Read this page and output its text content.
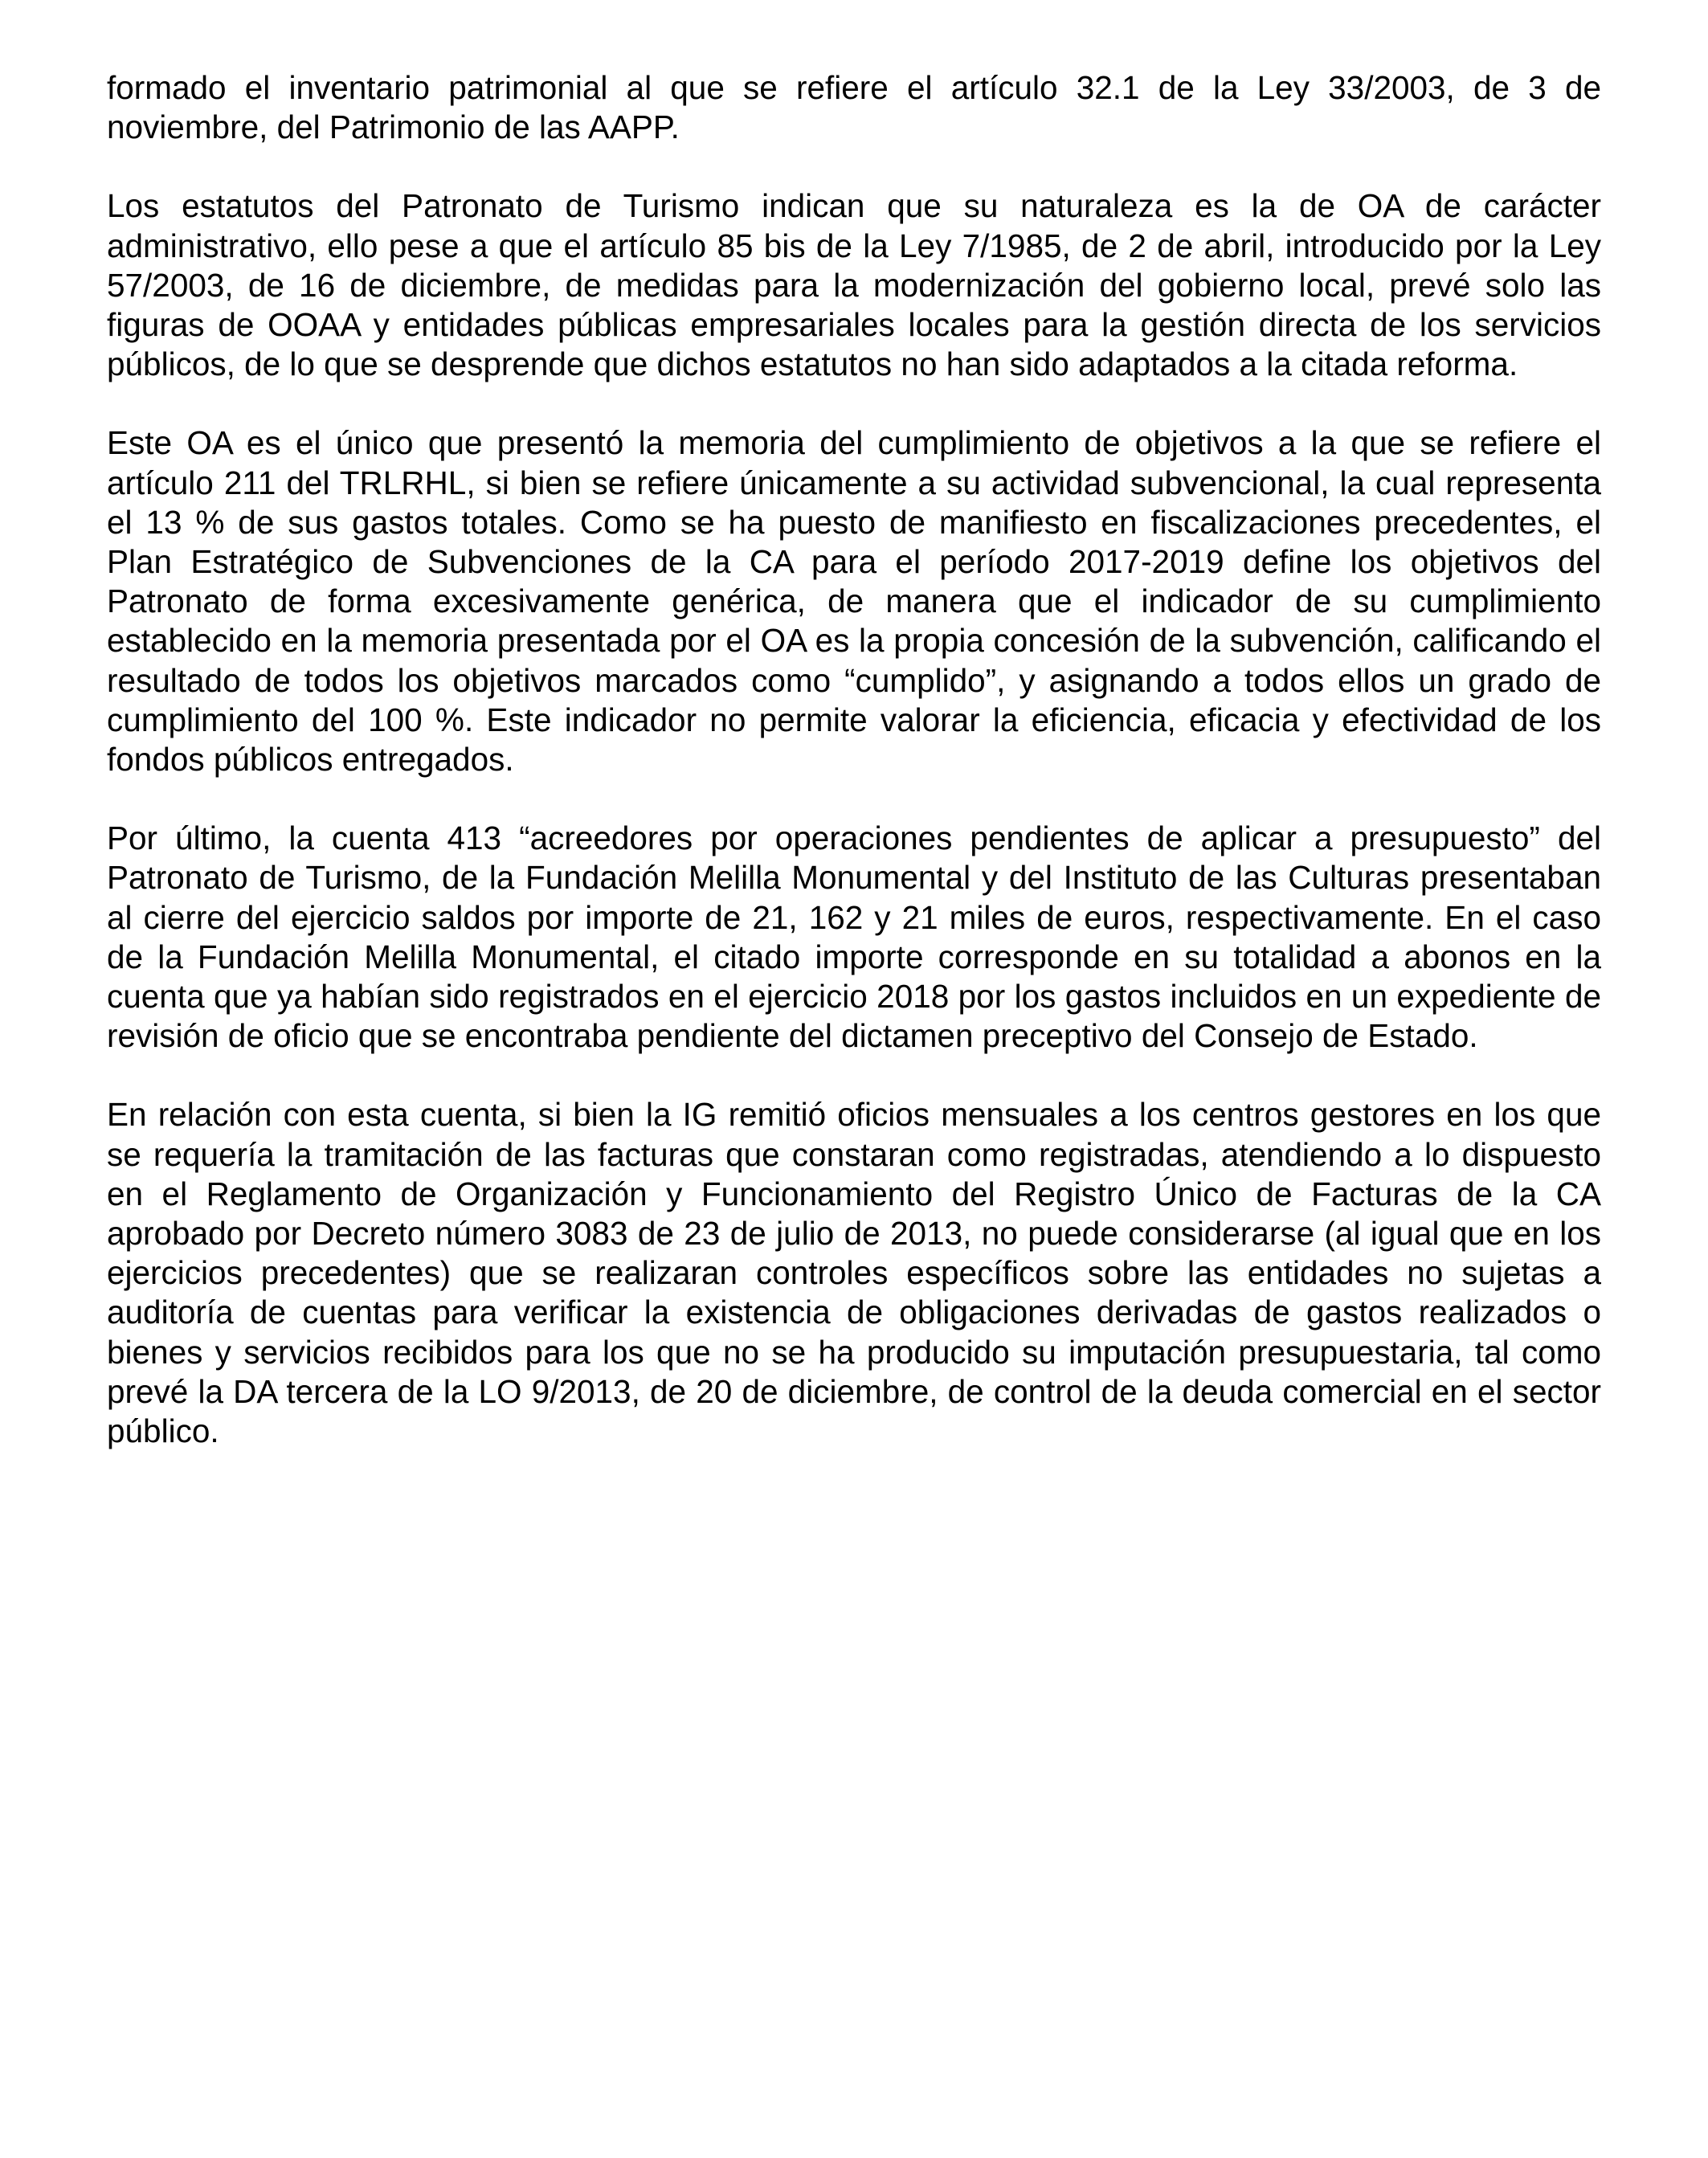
formado el inventario patrimonial al que se refiere el artículo 32.1 de la Ley 33/2003, de 3 de noviembre, del Patrimonio de las AAPP.

Los estatutos del Patronato de Turismo indican que su naturaleza es la de OA de carácter administrativo, ello pese a que el artículo 85 bis de la Ley 7/1985, de 2 de abril, introducido por la Ley 57/2003, de 16 de diciembre, de medidas para la modernización del gobierno local, prevé solo las figuras de OOAA y entidades públicas empresariales locales para la gestión directa de los servicios públicos, de lo que se desprende que dichos estatutos no han sido adaptados a la citada reforma.

Este OA es el único que presentó la memoria del cumplimiento de objetivos a la que se refiere el artículo 211 del TRLRHL, si bien se refiere únicamente a su actividad subvencional, la cual representa el 13 % de sus gastos totales. Como se ha puesto de manifiesto en fiscalizaciones precedentes, el Plan Estratégico de Subvenciones de la CA para el período 2017-2019 define los objetivos del Patronato de forma excesivamente genérica, de manera que el indicador de su cumplimiento establecido en la memoria presentada por el OA es la propia concesión de la subvención, calificando el resultado de todos los objetivos marcados como “cumplido”, y asignando a todos ellos un grado de cumplimiento del 100 %. Este indicador no permite valorar la eficiencia, eficacia y efectividad de los fondos públicos entregados.

Por último, la cuenta 413 “acreedores por operaciones pendientes de aplicar a presupuesto” del Patronato de Turismo, de la Fundación Melilla Monumental y del Instituto de las Culturas presentaban al cierre del ejercicio saldos por importe de 21, 162 y 21 miles de euros, respectivamente. En el caso de la Fundación Melilla Monumental, el citado importe corresponde en su totalidad a abonos en la cuenta que ya habían sido registrados en el ejercicio 2018 por los gastos incluidos en un expediente de revisión de oficio que se encontraba pendiente del dictamen preceptivo del Consejo de Estado.

En relación con esta cuenta, si bien la IG remitió oficios mensuales a los centros gestores en los que se requería la tramitación de las facturas que constaran como registradas, atendiendo a lo dispuesto en el Reglamento de Organización y Funcionamiento del Registro Único de Facturas de la CA aprobado por Decreto número 3083 de 23 de julio de 2013, no puede considerarse (al igual que en los ejercicios precedentes) que se realizaran controles específicos sobre las entidades no sujetas a auditoría de cuentas para verificar la existencia de obligaciones derivadas de gastos realizados o bienes y servicios recibidos para los que no se ha producido su imputación presupuestaria, tal como prevé la DA tercera de la LO 9/2013, de 20 de diciembre, de control de la deuda comercial en el sector público.
